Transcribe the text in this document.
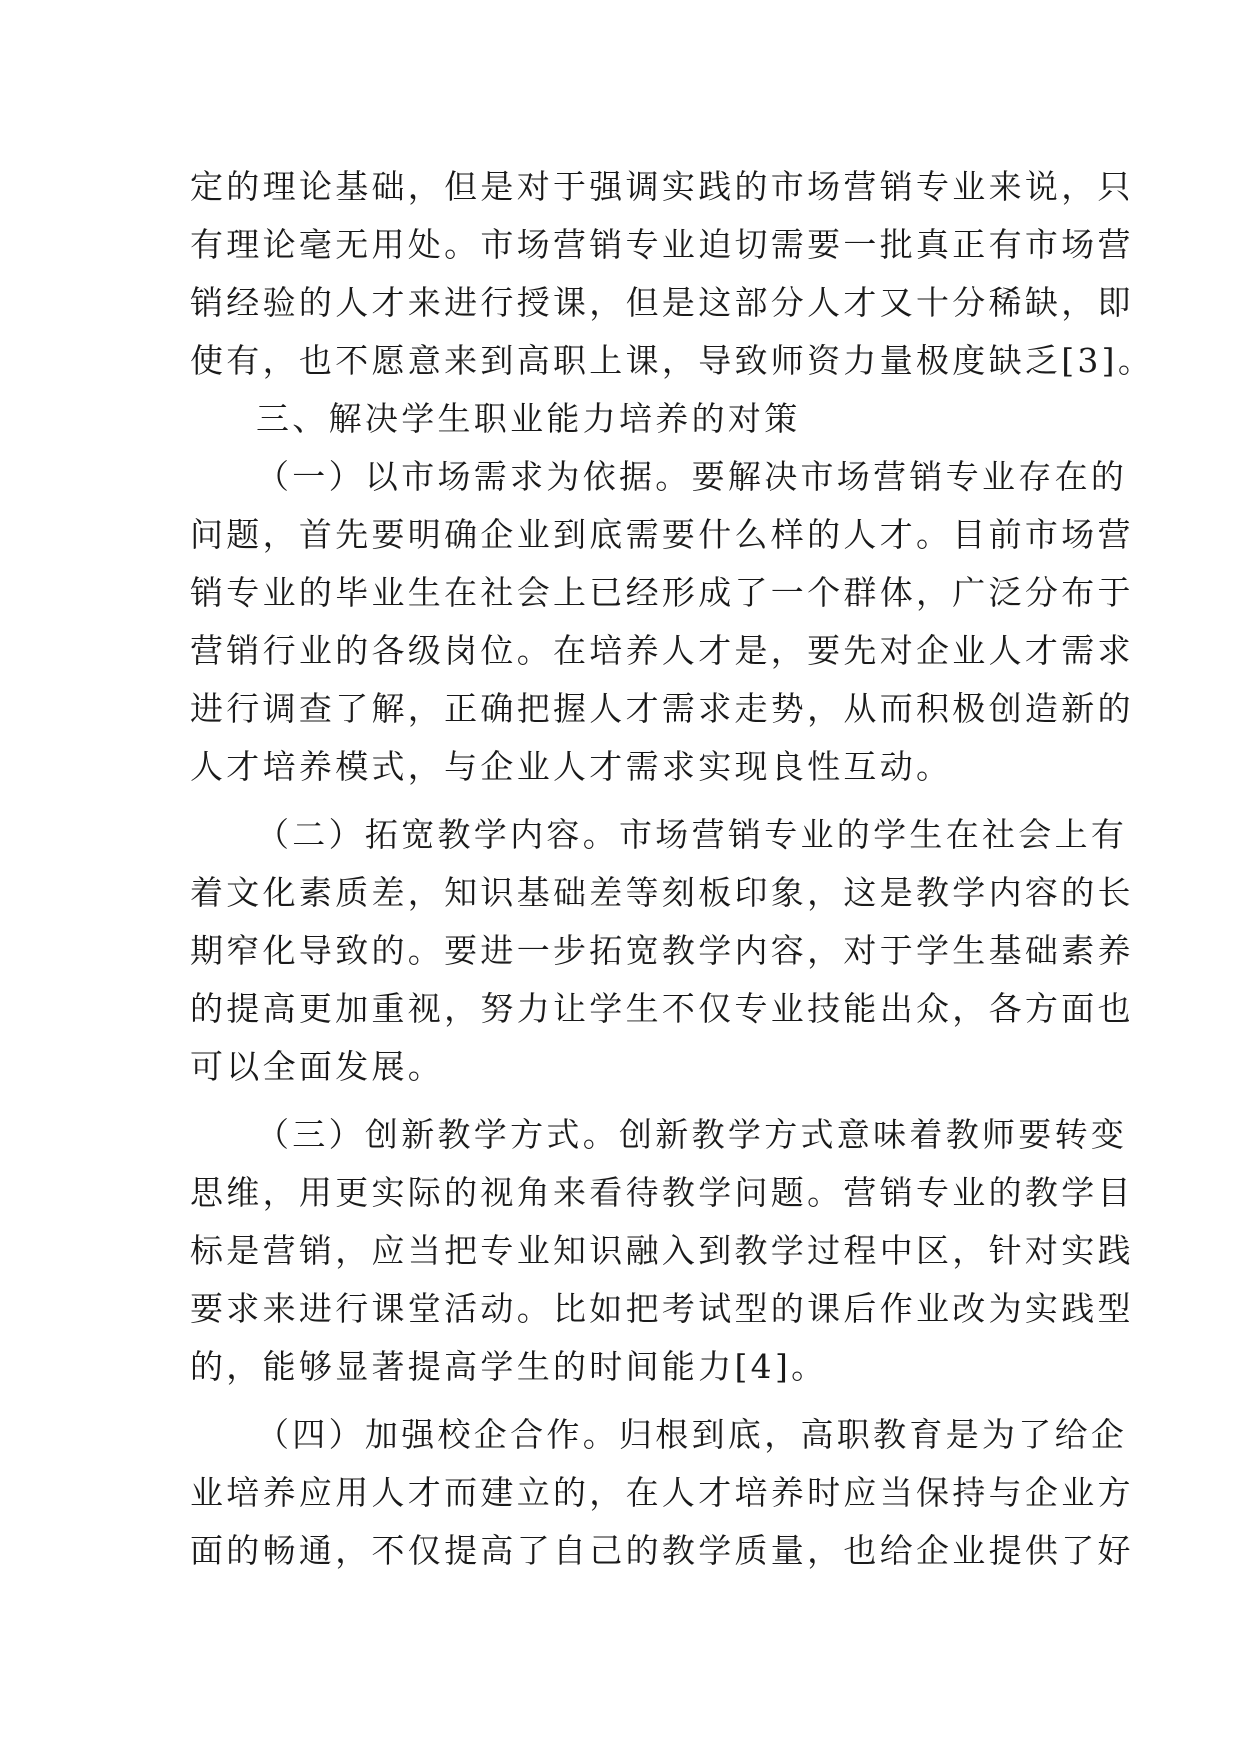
定的理论基础，但是对于强调实践的市场营销专业来说，只
有理论毫无用处。市场营销专业迫切需要一批真正有市场营
销经验的人才来进行授课，但是这部分人才又十分稀缺，即
使有，也不愿意来到高职上课，导致师资力量极度缺乏[3]。
三、解决学生职业能力培养的对策
（一）以市场需求为依据。要解决市场营销专业存在的
问题，首先要明确企业到底需要什么样的人才。目前市场营
销专业的毕业生在社会上已经形成了一个群体，广泛分布于
营销行业的各级岗位。在培养人才是，要先对企业人才需求
进行调查了解，正确把握人才需求走势，从而积极创造新的
人才培养模式，与企业人才需求实现良性互动。
（二）拓宽教学内容。市场营销专业的学生在社会上有
着文化素质差，知识基础差等刻板印象，这是教学内容的长
期窄化导致的。要进一步拓宽教学内容，对于学生基础素养
的提高更加重视，努力让学生不仅专业技能出众，各方面也
可以全面发展。
（三）创新教学方式。创新教学方式意味着教师要转变
思维，用更实际的视角来看待教学问题。营销专业的教学目
标是营销，应当把专业知识融入到教学过程中区，针对实践
要求来进行课堂活动。比如把考试型的课后作业改为实践型
的，能够显著提高学生的时间能力[4]。
（四）加强校企合作。归根到底，高职教育是为了给企
业培养应用人才而建立的，在人才培养时应当保持与企业方
面的畅通，不仅提高了自己的教学质量，也给企业提供了好
